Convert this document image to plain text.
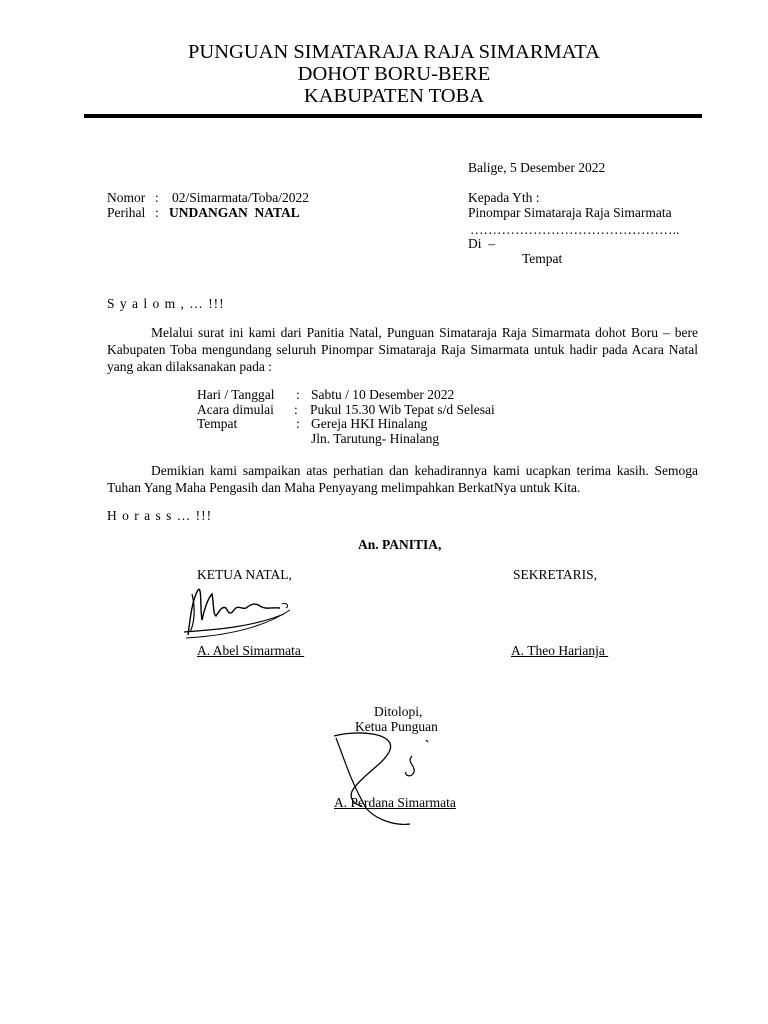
PUNGUAN SIMATARAJA RAJA SIMARMATA
DOHOT BORU-BERE
KABUPATEN TOBA
Balige, 5 Desember 2022
Nomor : 02/Simarmata/Toba/2022
Perihal : UNDANGAN  NATAL
Kepada Yth :
Pinompar Simataraja Raja Simarmata
………………………………………..
Di  –
Tempat
S y a l o m , … !!!
Melalui surat ini kami dari Panitia Natal, Punguan Simataraja Raja Simarmata dohot Boru – bere Kabupaten Toba mengundang seluruh Pinompar Simataraja Raja Simarmata untuk hadir pada Acara Natal yang akan dilaksanakan pada :
Hari / Tanggal : Sabtu / 10 Desember 2022
Acara dimulai : Pukul 15.30 Wib Tepat s/d Selesai
Tempat	: Gereja HKI Hinalang
Jln. Tarutung- Hinalang
Demikian kami sampaikan atas perhatian dan kehadirannya kami ucapkan terima kasih. Semoga Tuhan Yang Maha Pengasih dan Maha Penyayang melimpahkan BerkatNya untuk Kita.
H o r a s s … !!!
An. PANITIA,
KETUA NATAL,
A. Abel Simarmata
SEKRETARIS,
A. Theo Harianja
Ditolopi,
Ketua Punguan
A. Perdana Simarmata
